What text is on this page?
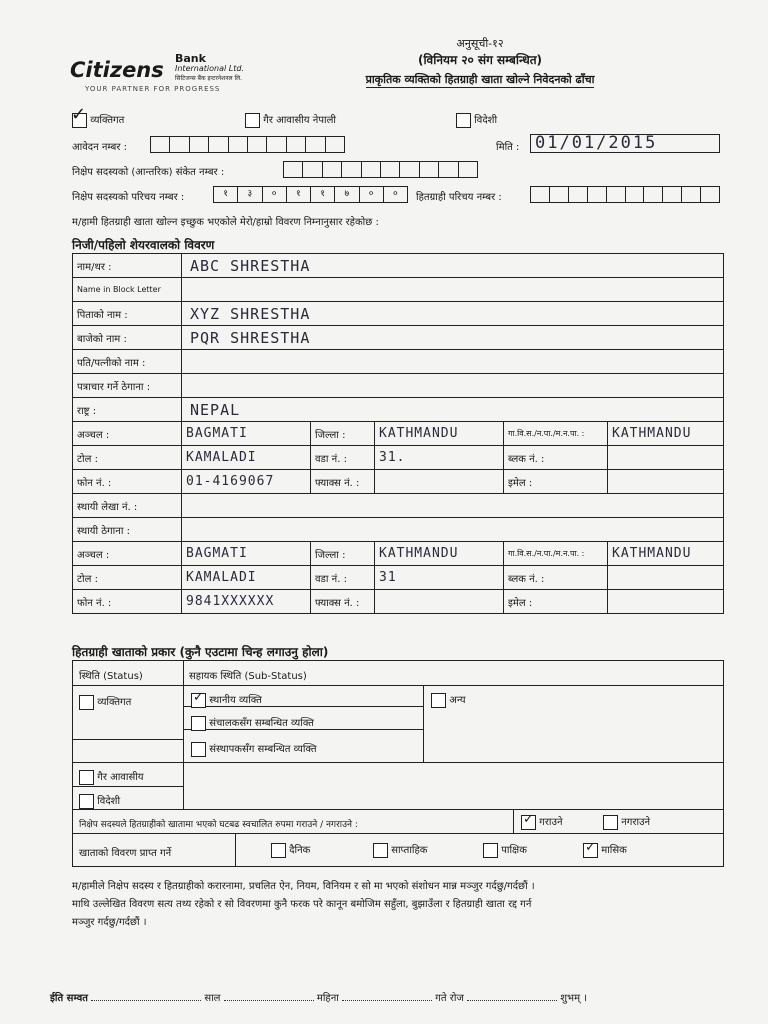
Citizens Bank
International Ltd.
सिटिजन्स बैंक इन्टरनेशनल लि.
YOUR PARTNER FOR PROGRESS
अनुसूची-१२
(विनियम २० संग सम्बन्धित)
प्राकृतिक व्यक्तिको हितग्राही खाता खोल्ने निवेदनको ढाँचा
✓ व्यक्तिगत	गैर आवासीय नेपाली	विदेशी
आवेदन नम्बर :	मिति : 01/01/2015
निक्षेप सदस्यको (आन्तरिक) संकेत नम्बर :
निक्षेप सदस्यको परिचय नम्बर :	१	३	०	१	१	७	०	०	हितग्राही परिचय नम्बर :
म/हामी हितग्राही खाता खोल्न इच्छुक भएकोले मेरो/हाम्रो विवरण निम्नानुसार रहेकोछ :
निजी/पहिलो शेयरवालको विवरण
नाम/थर :	ABC SHRESTHA				
Name in Block Letter					
पिताको नाम :	XYZ SHRESTHA				
बाजेको नाम :	PQR SHRESTHA				
पति/पत्नीको नाम :					
पत्राचार गर्ने ठेगाना :					
राष्ट्र :	NEPAL				
अञ्चल :	BAGMATI	जिल्ला :	KATHMANDU	गा.वि.स./न.पा./म.न.पा. :	KATHMANDU
टोल :	KAMALADI	वडा नं. :	31.	ब्लक नं. :	
फोन नं. :	01-4169067	फ्याक्स नं. :		इमेल :	
स्थायी लेखा नं. :					
स्थायी ठेगाना :					
अञ्चल :	BAGMATI	जिल्ला :	KATHMANDU	गा.वि.स./न.पा./म.न.पा. :	KATHMANDU
टोल :	KAMALADI	वडा नं. :	31	ब्लक नं. :	
फोन नं. :	9841XXXXXX	फ्याक्स नं. :		इमेल :	
हितग्राही खाताको प्रकार (कुनै एउटामा चिन्ह लगाउनु होला)
स्थिति (Status)	सहायक स्थिति (Sub-Status)
व्यक्तिगत	✓ स्थानीय व्यक्ति	अन्य
संचालकसँग सम्बन्धित व्यक्ति
संस्थापकसँग सम्बन्धित व्यक्ति
गैर आवासीय
विदेशी
निक्षेप सदस्यले हितग्राहीको खातामा भएको घटबढ स्वचालित रुपमा गराउने / नगराउने :	✓ गराउने	नगराउने
खाताको विवरण प्राप्त गर्ने	दैनिक	साप्ताहिक	पाक्षिक	✓ मासिक
म/हामीले निक्षेप सदस्य र हितग्राहीको करारनामा, प्रचलित ऐन, नियम, विनियम र सो मा भएको संशोधन मान्न मञ्जुर गर्दछु/गर्दछौं ।
माथि उल्लेखित विवरण सत्य तथ्य रहेको र सो विवरणमा कुनै फरक परे कानून बमोजिम सहुँला, बुझाउँला र हितग्राही खाता रद्द गर्न
मञ्जुर गर्दछु/गर्दछौं ।
ईति सम्वत	साल	महिना	गते रोज	शुभम् ।
